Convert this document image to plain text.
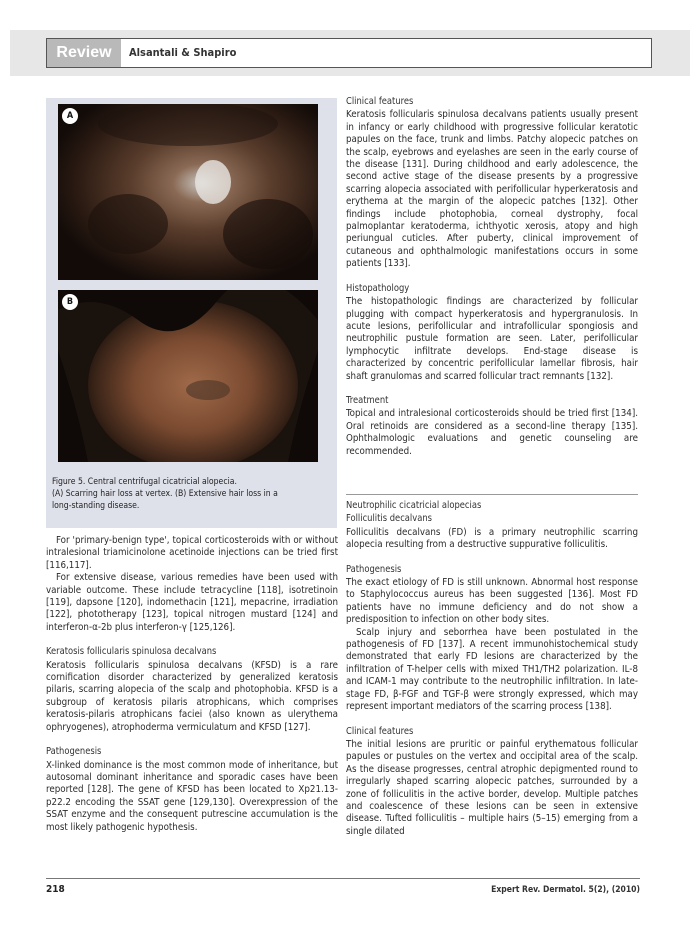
Review	Alsantali & Shapiro
A
B
Figure 5. Central centrifugal cicatricial alopecia.
(A) Scarring hair loss at vertex. (B) Extensive hair loss in a
long-standing disease.

For 'primary-benign type', topical corticosteroids with or without intralesional triamicinolone acetinoide injections can be tried first [116,117].

For extensive disease, various remedies have been used with variable outcome. These include tetracycline [118], isotretinoin [119], dapsone [120], indomethacin [121], mepacrine, irradiation [122], phototherapy [123], topical nitrogen mustard [124] and interferon-α-2b plus interferon-γ [125,126].

Keratosis follicularis spinulosa decalvans

Keratosis follicularis spinulosa decalvans (KFSD) is a rare cornification disorder characterized by generalized keratosis pilaris, scarring alopecia of the scalp and photophobia. KFSD is a subgroup of keratosis pilaris atrophicans, which comprises keratosis-pilaris atrophicans faciei (also known as ulerythema ophryogenes), atrophoderma vermiculatum and KFSD [127].

Pathogenesis

X-linked dominance is the most common mode of inheritance, but autosomal dominant inheritance and sporadic cases have been reported [128]. The gene of KFSD has been located to Xp21.13-p22.2 encoding the SSAT gene [129,130]. Overexpression of the SSAT enzyme and the consequent putrescine accumulation is the most likely pathogenic hypothesis.

Clinical features

Keratosis follicularis spinulosa decalvans patients usually present in infancy or early childhood with progressive follicular keratotic papules on the face, trunk and limbs. Patchy alopecic patches on the scalp, eyebrows and eyelashes are seen in the early course of the disease [131]. During childhood and early adolescence, the second active stage of the disease presents by a progressive scarring alopecia associated with perifollicular hyperkeratosis and erythema at the margin of the alopecic patches [132]. Other findings include photophobia, corneal dystrophy, focal palmoplantar keratoderma, ichthyotic xerosis, atopy and high periungual cuticles. After puberty, clinical improvement of cutaneous and ophthalmologic manifestations occurs in some patients [133].

Histopathology

The histopathologic findings are characterized by follicular plugging with compact hyperkeratosis and hypergranulosis. In acute lesions, perifollicular and intrafollicular spongiosis and neutrophilic pustule formation are seen. Later, perifollicular lymphocytic infiltrate develops. End-stage disease is characterized by concentric perifollicular lamellar fibrosis, hair shaft granulomas and scarred follicular tract remnants [132].

Treatment

Topical and intralesional corticosteroids should be tried first [134]. Oral retinoids are considered as a second-line therapy [135]. Ophthalmologic evaluations and genetic counseling are recommended.

Neutrophilic cicatricial alopecias
Folliculitis decalvans

Folliculitis decalvans (FD) is a primary neutrophilic scarring alopecia resulting from a destructive suppurative folliculitis.

Pathogenesis

The exact etiology of FD is still unknown. Abnormal host response to Staphylococcus aureus has been suggested [136]. Most FD patients have no immune deficiency and do not show a predisposition to infection on other body sites.

Scalp injury and seborrhea have been postulated in the pathogenesis of FD [137]. A recent immunohistochemical study demonstrated that early FD lesions are characterized by the infiltration of T-helper cells with mixed TH1/TH2 polarization. IL-8 and ICAM-1 may contribute to the neutrophilic infiltration. In late-stage FD, β-FGF and TGF-β were strongly expressed, which may represent important mediators of the scarring process [138].

Clinical features

The initial lesions are pruritic or painful erythematous follicular papules or pustules on the vertex and occipital area of the scalp. As the disease progresses, central atrophic depigmented round to irregularly shaped scarring alopecic patches, surrounded by a zone of folliculitis in the active border, develop. Multiple patches and coalescence of these lesions can be seen in extensive disease. Tufted folliculitis – multiple hairs (5–15) emerging from a single dilated

218	Expert Rev. Dermatol. 5(2), (2010)
